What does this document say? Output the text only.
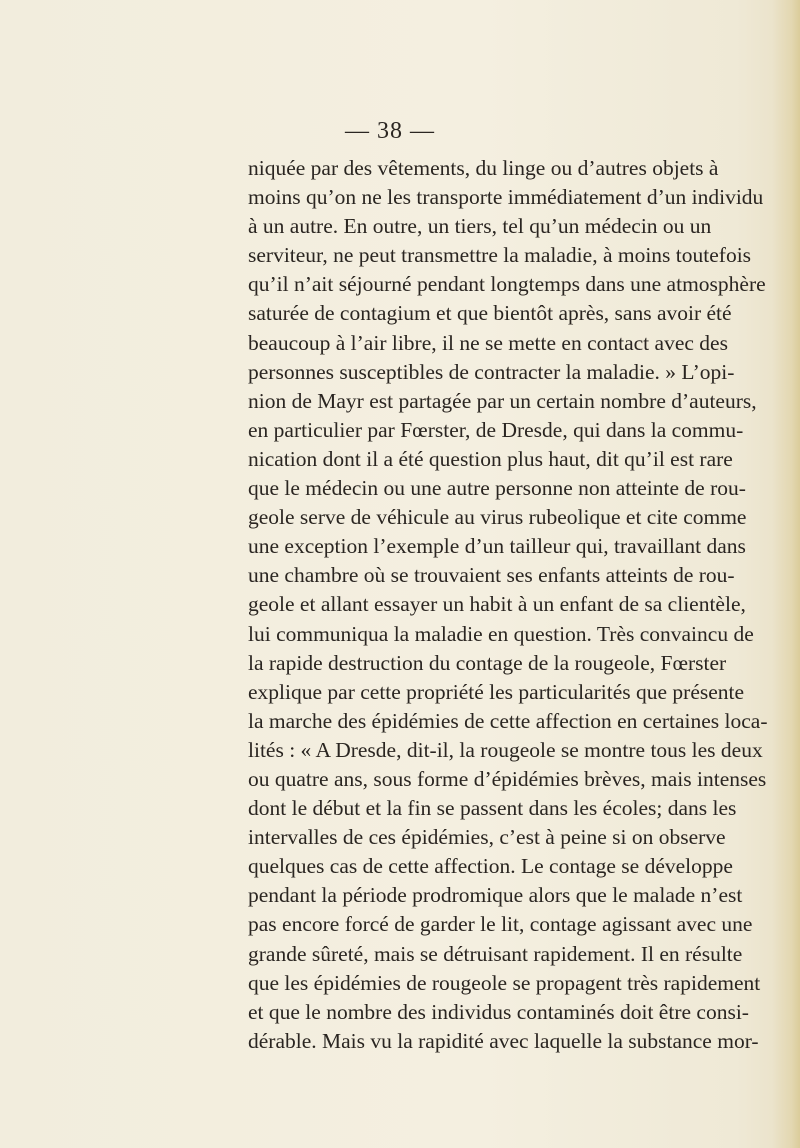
— 38 —
niquée par des vêtements, du linge ou d’autres objets à
moins qu’on ne les transporte immédiatement d’un individu
à un autre. En outre, un tiers, tel qu’un médecin ou un
serviteur, ne peut transmettre la maladie, à moins toutefois
qu’il n’ait séjourné pendant longtemps dans une atmosphère
saturée de contagium et que bientôt après, sans avoir été
beaucoup à l’air libre, il ne se mette en contact avec des
personnes susceptibles de contracter la maladie. » L’opi-
nion de Mayr est partagée par un certain nombre d’auteurs,
en particulier par Fœrster, de Dresde, qui dans la commu-
nication dont il a été question plus haut, dit qu’il est rare
que le médecin ou une autre personne non atteinte de rou-
geole serve de véhicule au virus rubeolique et cite comme
une exception l’exemple d’un tailleur qui, travaillant dans
une chambre où se trouvaient ses enfants atteints de rou-
geole et allant essayer un habit à un enfant de sa clientèle,
lui communiqua la maladie en question. Très convaincu de
la rapide destruction du contage de la rougeole, Fœrster
explique par cette propriété les particularités que présente
la marche des épidémies de cette affection en certaines loca-
lités : « A Dresde, dit-il, la rougeole se montre tous les deux
ou quatre ans, sous forme d’épidémies brèves, mais intenses
dont le début et la fin se passent dans les écoles; dans les
intervalles de ces épidémies, c’est à peine si on observe
quelques cas de cette affection. Le contage se développe
pendant la période prodromique alors que le malade n’est
pas encore forcé de garder le lit, contage agissant avec une
grande sûreté, mais se détruisant rapidement. Il en résulte
que les épidémies de rougeole se propagent très rapidement
et que le nombre des individus contaminés doit être consi-
dérable. Mais vu la rapidité avec laquelle la substance mor-
